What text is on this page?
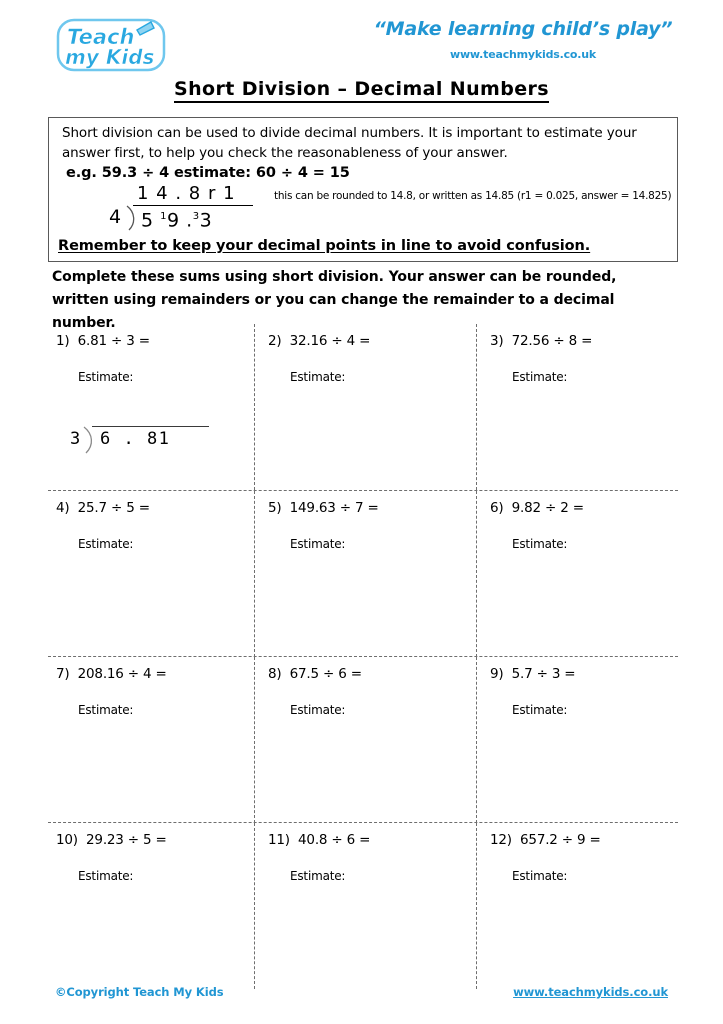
Teach
my Kids
“Make learning child’s play”
www.teachmykids.co.uk
Short Division – Decimal Numbers
Short division can be used to divide decimal numbers. It is important to estimate your answer first, to help you check the reasonableness of your answer.
e.g. 59.3 ÷ 4 estimate: 60 ÷ 4 = 15
4
1 4 . 8 r 1
5 $^1$9 .$^3$3
this can be rounded to 14.8, or written as 14.85 (r1 = 0.025, answer = 14.825)
Remember to keep your decimal points in line to avoid confusion.
Complete these sums using short division. Your answer can be rounded, written using remainders or you can change the remainder to a decimal number.
1) 6.81 ÷ 3 =
Estimate:
3 6 . 81
2) 32.16 ÷ 4 =
Estimate:
3) 72.56 ÷ 8 =
Estimate:
4) 25.7 ÷ 5 =
Estimate:
5) 149.63 ÷ 7 =
Estimate:
6) 9.82 ÷ 2 =
Estimate:
7) 208.16 ÷ 4 =
Estimate:
8) 67.5 ÷ 6 =
Estimate:
9) 5.7 ÷ 3 =
Estimate:
10) 29.23 ÷ 5 =
Estimate:
11) 40.8 ÷ 6 =
Estimate:
12) 657.2 ÷ 9 =
Estimate:
©Copyright Teach My Kids	www.teachmykids.co.uk
